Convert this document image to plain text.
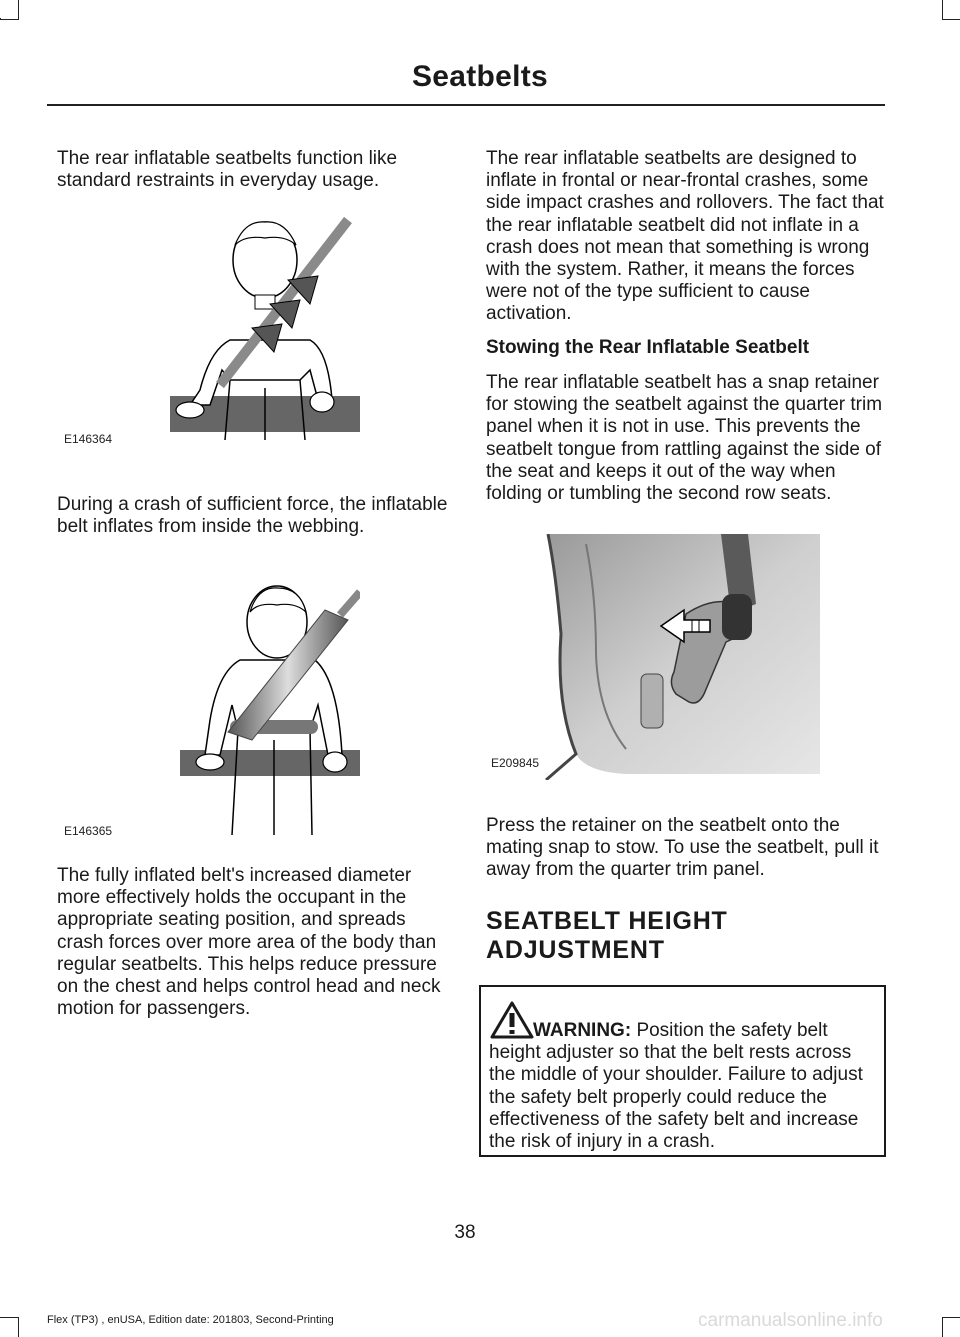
Seatbelts

The rear inflatable seatbelts function like standard restraints in everyday usage.

E146364

During a crash of sufficient force, the inflatable belt inflates from inside the webbing.

E146365

The fully inflated belt's increased diameter more effectively holds the occupant in the appropriate seating position, and spreads crash forces over more area of the body than regular seatbelts. This helps reduce pressure on the chest and helps control head and neck motion for passengers.

The rear inflatable seatbelts are designed to inflate in frontal or near-frontal crashes, some side impact crashes and rollovers. The fact that the rear inflatable seatbelt did not inflate in a crash does not mean that something is wrong with the system. Rather, it means the forces were not of the type sufficient to cause activation.

Stowing the Rear Inflatable Seatbelt

The rear inflatable seatbelt has a snap retainer for stowing the seatbelt against the quarter trim panel when it is not in use. This prevents the seatbelt tongue from rattling against the side of the seat and keeps it out of the way when folding or tumbling the second row seats.

E209845

Press the retainer on the seatbelt onto the mating snap to stow. To use the seatbelt, pull it away from the quarter trim panel.

SEATBELT HEIGHT
ADJUSTMENT
WARNING: Position the safety belt height adjuster so that the belt rests across the middle of your shoulder. Failure to adjust the safety belt properly could reduce the effectiveness of the safety belt and increase the risk of injury in a crash.
38
Flex (TP3) , enUSA, Edition date: 201803, Second-Printing	carmanualsonline.info
